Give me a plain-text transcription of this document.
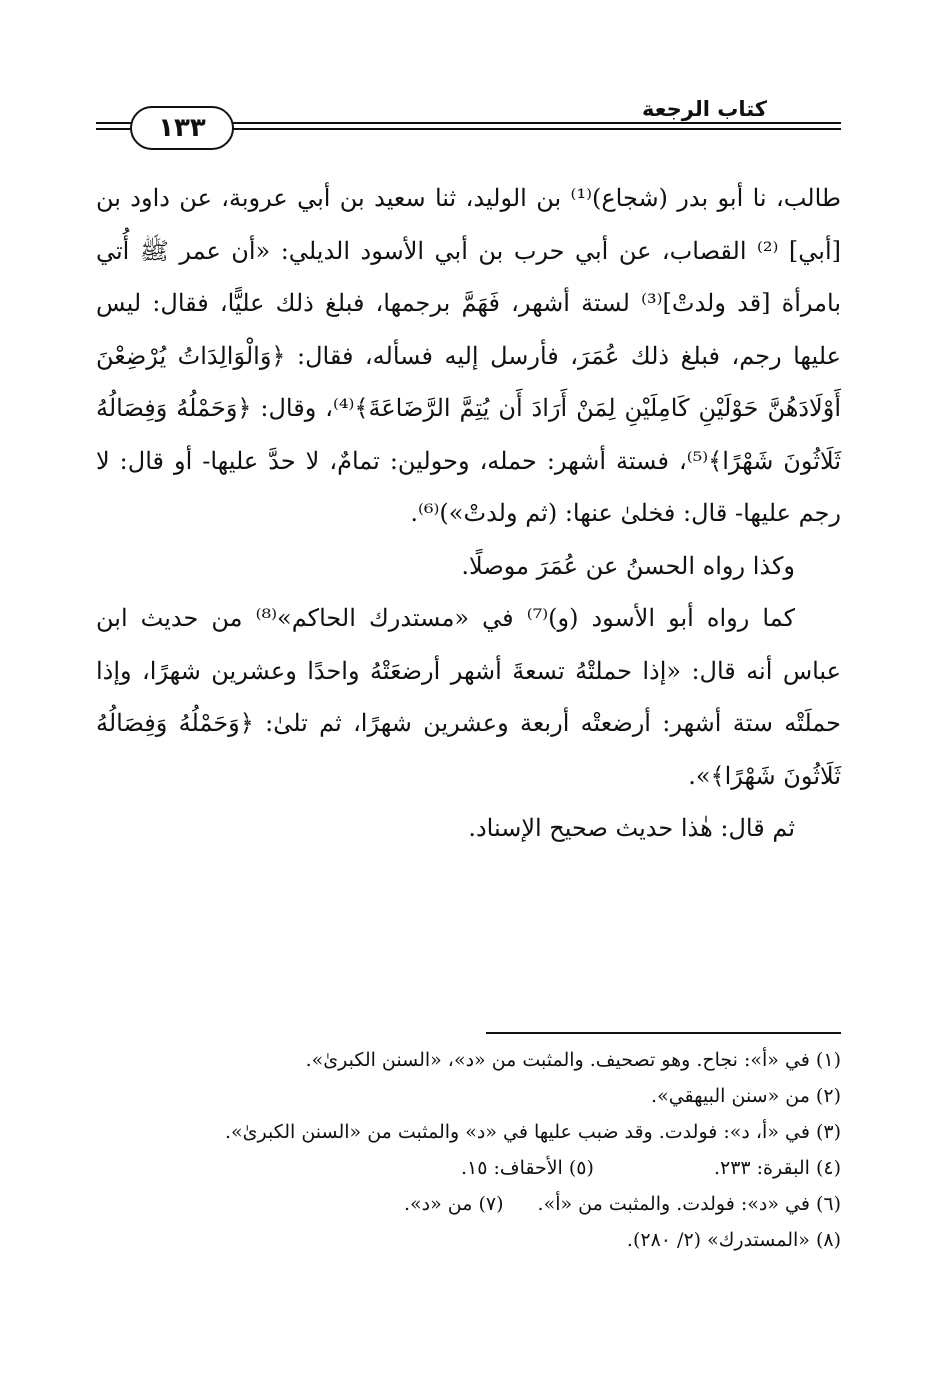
١٣٣
كتاب الرجعة

طالب، نا أبو بدر (شجاع)⁽¹⁾ بن الوليد، ثنا سعيد بن أبي عروبة، عن داود بن [أبي] ⁽²⁾ القصاب، عن أبي حرب بن أبي الأسود الديلي: «أن عمر ﷺ أُتي بامرأة [قد ولدتْ]⁽³⁾ لستة أشهر، فَهَمَّ برجمها، فبلغ ذلك عليًّا، فقال: ليس عليها رجم، فبلغ ذلك عُمَرَ، فأرسل إليه فسأله، فقال: ﴿وَالْوَالِدَاتُ يُرْضِعْنَ أَوْلَادَهُنَّ حَوْلَيْنِ كَامِلَيْنِ لِمَنْ أَرَادَ أَن يُتِمَّ الرَّضَاعَةَ﴾⁽⁴⁾، وقال: ﴿وَحَمْلُهُ وَفِصَالُهُ ثَلَاثُونَ شَهْرًا﴾⁽⁵⁾، فستة أشهر: حمله، وحولين: تمامٌ، لا حدَّ عليها- أو قال: لا رجم عليها- قال: فخلىٰ عنها: (ثم ولدتْ»)⁽⁶⁾.

وكذا رواه الحسنُ عن عُمَرَ موصلًا.

كما رواه أبو الأسود (و)⁽⁷⁾ في «مستدرك الحاكم»⁽⁸⁾ من حديث ابن عباس أنه قال: «إذا حملتْهُ تسعةَ أشهر أرضعَتْهُ واحدًا وعشرين شهرًا، وإذا حملَتْه ستة أشهر: أرضعتْه أربعة وعشرين شهرًا، ثم تلىٰ: ﴿وَحَمْلُهُ وَفِصَالُهُ ثَلَاثُونَ شَهْرًا﴾».

ثم قال: هٰذا حديث صحيح الإسناد.

(١) في «أ»: نجاح. وهو تصحيف. والمثبت من «د»، «السنن الكبرىٰ».
(٢) من «سنن البيهقي».
(٣) في «أ، د»: فولدت. وقد ضبب عليها في «د» والمثبت من «السنن الكبرىٰ».
(٤) البقرة: ٢٣٣.(٥) الأحقاف: ١٥.
(٦) في «د»: فولدت. والمثبت من «أ».(٧) من «د».
(٨) «المستدرك» (٢/ ٢٨٠).
